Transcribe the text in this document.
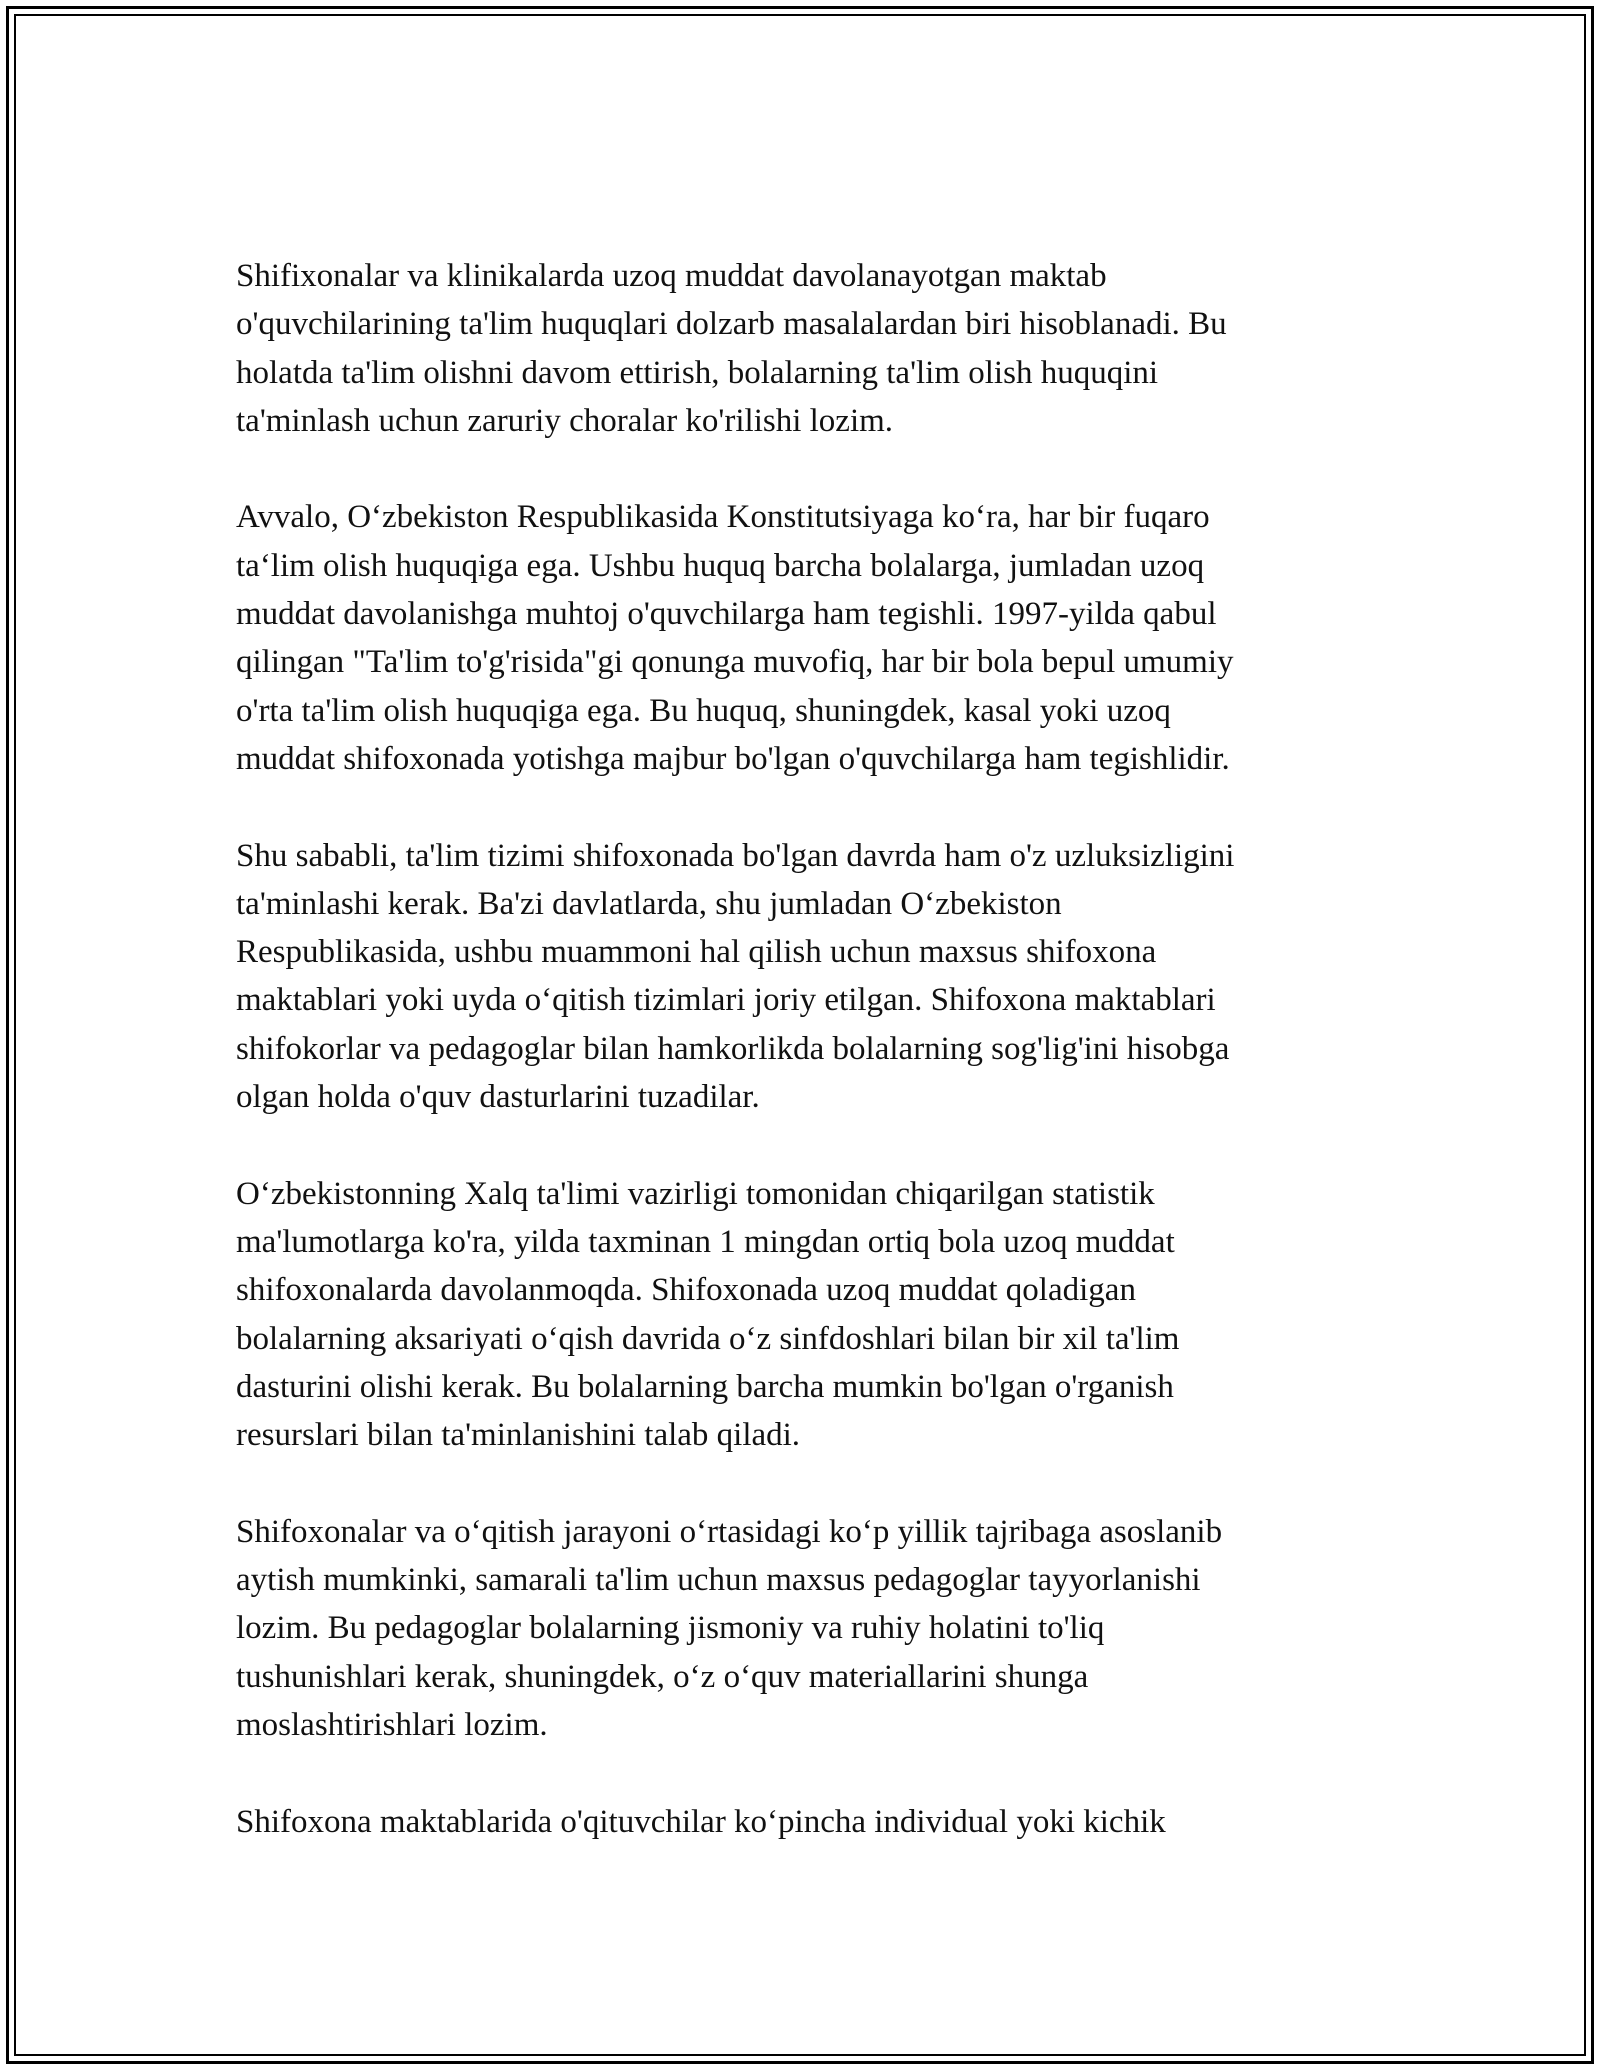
Shifixonalar va klinikalarda uzoq muddat davolanayotgan maktab
o'quvchilarining ta'lim huquqlari dolzarb masalalardan biri hisoblanadi. Bu
holatda ta'lim olishni davom ettirish, bolalarning ta'lim olish huquqini
ta'minlash uchun zaruriy choralar ko'rilishi lozim.

Avvalo, O‘zbekiston Respublikasida Konstitutsiyaga ko‘ra, har bir fuqaro
ta‘lim olish huquqiga ega. Ushbu huquq barcha bolalarga, jumladan uzoq
muddat davolanishga muhtoj o'quvchilarga ham tegishli. 1997-yilda qabul
qilingan "Ta'lim to'g'risida"gi qonunga muvofiq, har bir bola bepul umumiy
o'rta ta'lim olish huquqiga ega. Bu huquq, shuningdek, kasal yoki uzoq
muddat shifoxonada yotishga majbur bo'lgan o'quvchilarga ham tegishlidir.

Shu sababli, ta'lim tizimi shifoxonada bo'lgan davrda ham o'z uzluksizligini
ta'minlashi kerak. Ba'zi davlatlarda, shu jumladan O‘zbekiston
Respublikasida, ushbu muammoni hal qilish uchun maxsus shifoxona
maktablari yoki uyda o‘qitish tizimlari joriy etilgan. Shifoxona maktablari
shifokorlar va pedagoglar bilan hamkorlikda bolalarning sog'lig'ini hisobga
olgan holda o'quv dasturlarini tuzadilar.

O‘zbekistonning Xalq ta'limi vazirligi tomonidan chiqarilgan statistik
ma'lumotlarga ko'ra, yilda taxminan 1 mingdan ortiq bola uzoq muddat
shifoxonalarda davolanmoqda. Shifoxonada uzoq muddat qoladigan
bolalarning aksariyati o‘qish davrida o‘z sinfdoshlari bilan bir xil ta'lim
dasturini olishi kerak. Bu bolalarning barcha mumkin bo'lgan o'rganish
resurslari bilan ta'minlanishini talab qiladi.

Shifoxonalar va o‘qitish jarayoni o‘rtasidagi ko‘p yillik tajribaga asoslanib
aytish mumkinki, samarali ta'lim uchun maxsus pedagoglar tayyorlanishi
lozim. Bu pedagoglar bolalarning jismoniy va ruhiy holatini to'liq
tushunishlari kerak, shuningdek, o‘z o‘quv materiallarini shunga
moslashtirishlari lozim.

Shifoxona maktablarida o'qituvchilar ko‘pincha individual yoki kichik
